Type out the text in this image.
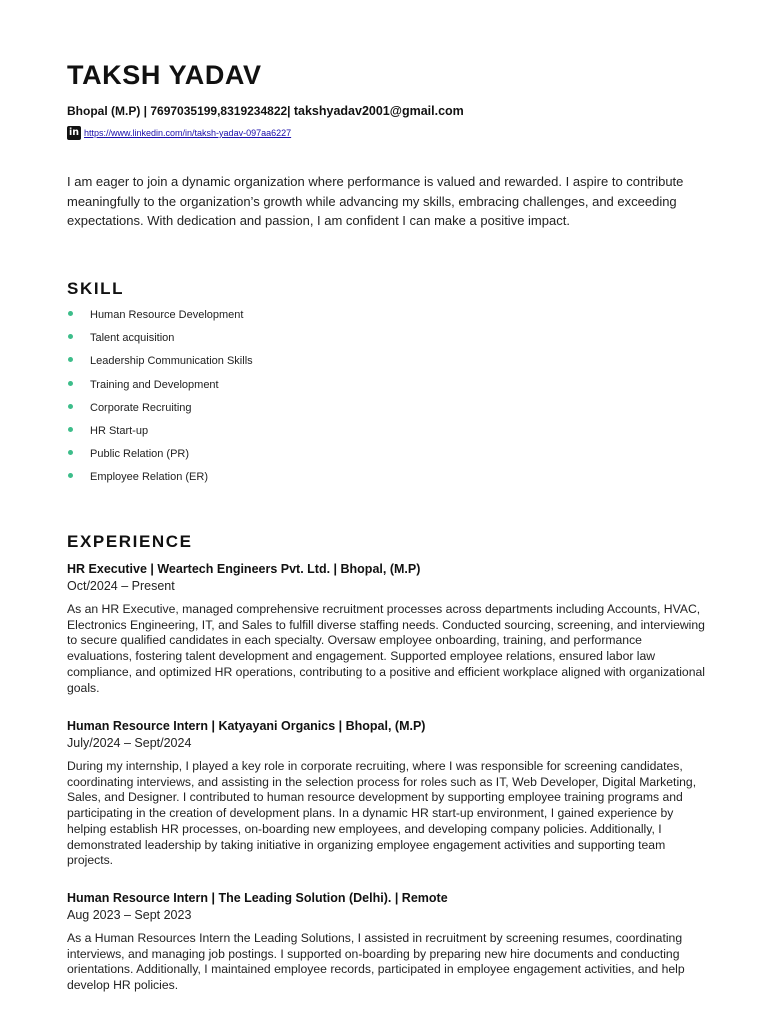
TAKSH YADAV
Bhopal (M.P) | 7697035199,8319234822| takshyadav2001@gmail.com
in https://www.linkedin.com/in/taksh-yadav-097aa6227

I am eager to join a dynamic organization where performance is valued and rewarded. I aspire to contribute meaningfully to the organization’s growth while advancing my skills, embracing challenges, and exceeding expectations. With dedication and passion, I am confident I can make a positive impact.

SKILL
Human Resource Development
Talent acquisition
Leadership Communication Skills
Training and Development
Corporate Recruiting
HR Start-up
Public Relation (PR)
Employee Relation (ER)
EXPERIENCE
HR Executive | Weartech Engineers Pvt. Ltd. | Bhopal, (M.P)
Oct/2024 – Present

As an HR Executive, managed comprehensive recruitment processes across departments including Accounts, HVAC, Electronics Engineering, IT, and Sales to fulfill diverse staffing needs. Conducted sourcing, screening, and interviewing to secure qualified candidates in each specialty. Oversaw employee onboarding, training, and performance evaluations, fostering talent development and engagement. Supported employee relations, ensured labor law compliance, and optimized HR operations, contributing to a positive and efficient workplace aligned with organizational goals.

Human Resource Intern | Katyayani Organics | Bhopal, (M.P)
July/2024 – Sept/2024

During my internship, I played a key role in corporate recruiting, where I was responsible for screening candidates, coordinating interviews, and assisting in the selection process for roles such as IT, Web Developer, Digital Marketing, Sales, and Designer. I contributed to human resource development by supporting employee training programs and participating in the creation of development plans. In a dynamic HR start-up environment, I gained experience by helping establish HR processes, on-boarding new employees, and developing company policies. Additionally, I demonstrated leadership by taking initiative in organizing employee engagement activities and supporting team projects.

Human Resource Intern | The Leading Solution (Delhi). | Remote
Aug 2023 – Sept 2023

As a Human Resources Intern the Leading Solutions, I assisted in recruitment by screening resumes, coordinating interviews, and managing job postings. I supported on-boarding by preparing new hire documents and conducting orientations. Additionally, I maintained employee records, participated in employee engagement activities, and help develop HR policies.
